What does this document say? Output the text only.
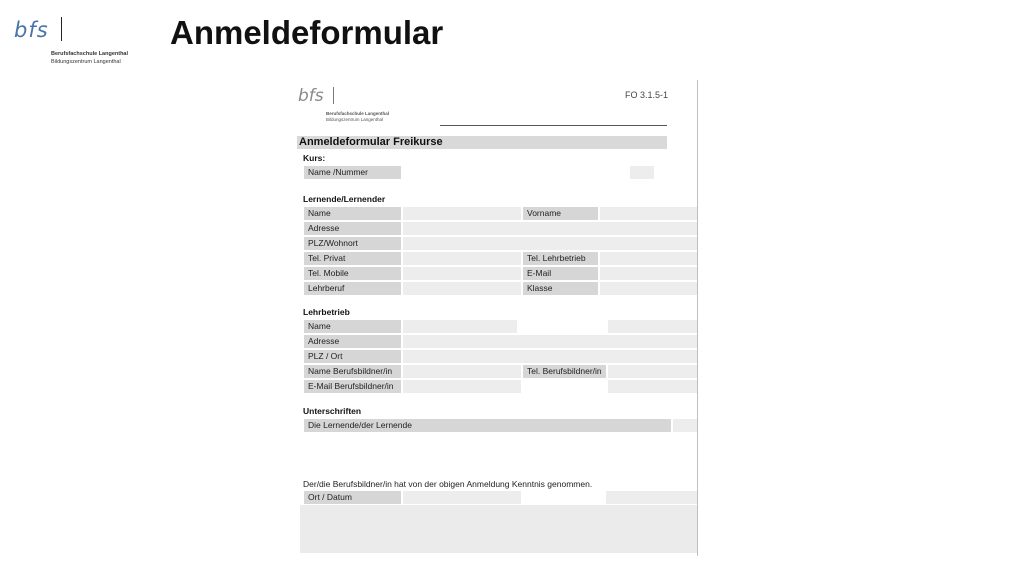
bfs
Berufsfachschule Langenthal
Bildungszentrum Langenthal
Anmeldeformular
bfs
Berufsfachschule Langenthal
Bildungszentrum Langenthal
FO 3.1.5-1
Anmeldeformular Freikurse
Kurs:
Name /Nummer
Lernende/Lernender
Name	Vorname
Adresse
PLZ/Wohnort
Tel. Privat	Tel. Lehrbetrieb
Tel. Mobile	E-Mail
Lehrberuf	Klasse
Lehrbetrieb
Name
Adresse
PLZ / Ort
Name Berufsbildner/in	Tel. Berufsbildner/in
E-Mail Berufsbildner/in
Unterschriften
Die Lernende/der Lernende
Der/die Berufsbildner/in hat von der obigen Anmeldung Kenntnis genommen.
Ort / Datum
